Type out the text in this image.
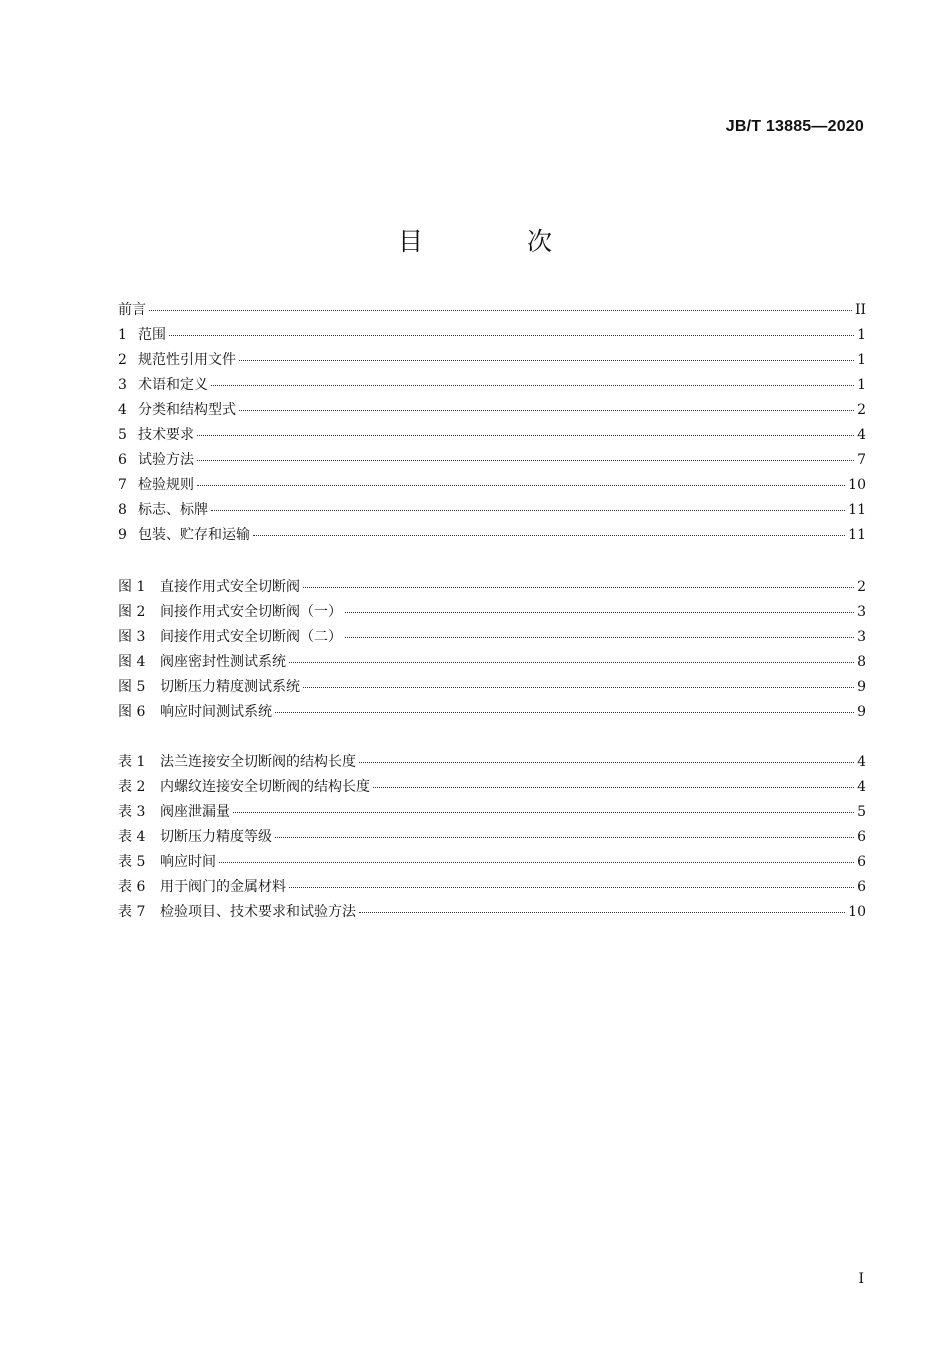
JB/T 13885—2020
目 次
前言	II
1 范围	1
2 规范性引用文件	1
3 术语和定义	1
4 分类和结构型式	2
5 技术要求	4
6 试验方法	7
7 检验规则	10
8 标志、标牌	11
9 包装、贮存和运输	11
图 1	直接作用式安全切断阀	2
图 2	间接作用式安全切断阀（一）	3
图 3	间接作用式安全切断阀（二）	3
图 4	阀座密封性测试系统	8
图 5	切断压力精度测试系统	9
图 6	响应时间测试系统	9
表 1	法兰连接安全切断阀的结构长度	4
表 2	内螺纹连接安全切断阀的结构长度	4
表 3	阀座泄漏量	5
表 4	切断压力精度等级	6
表 5	响应时间	6
表 6	用于阀门的金属材料	6
表 7	检验项目、技术要求和试验方法	10
I
